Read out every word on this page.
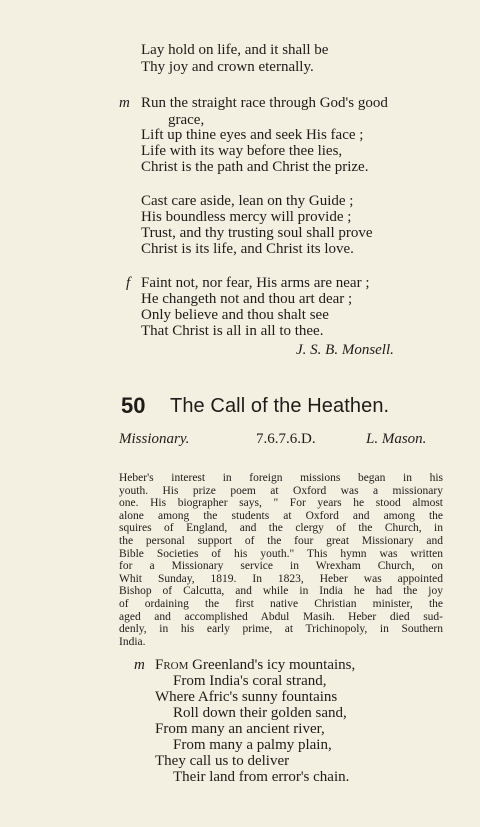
Lay hold on life, and it shall be
Thy joy and crown eternally.
m Run the straight race through God's good
grace,
Lift up thine eyes and seek His face ;
Life with its way before thee lies,
Christ is the path and Christ the prize.
Cast care aside, lean on thy Guide ;
His boundless mercy will provide ;
Trust, and thy trusting soul shall prove
Christ is its life, and Christ its love.
f Faint not, nor fear, His arms are near ;
He changeth not and thou art dear ;
Only believe and thou shalt see
That Christ is all in all to thee.
J. S. B. Monsell.
50 The Call of the Heathen.
Missionary.	7.6.7.6.D.	L. Mason.
Heber's interest in foreign missions began in his
youth. His prize poem at Oxford was a missionary
one. His biographer says, " For years he stood almost
alone among the students at Oxford and among the
squires of England, and the clergy of the Church, in
the personal support of the four great Missionary and
Bible Societies of his youth." This hymn was written
for a Missionary service in Wrexham Church, on
Whit Sunday, 1819. In 1823, Heber was appointed
Bishop of Calcutta, and while in India he had the joy
of ordaining the first native Christian minister, the
aged and accomplished Abdul Masih. Heber died sud-
denly, in his early prime, at Trichinopoly, in Southern
India.
m From Greenland's icy mountains,
From India's coral strand,
Where Afric's sunny fountains
Roll down their golden sand,
From many an ancient river,
From many a palmy plain,
They call us to deliver
Their land from error's chain.
